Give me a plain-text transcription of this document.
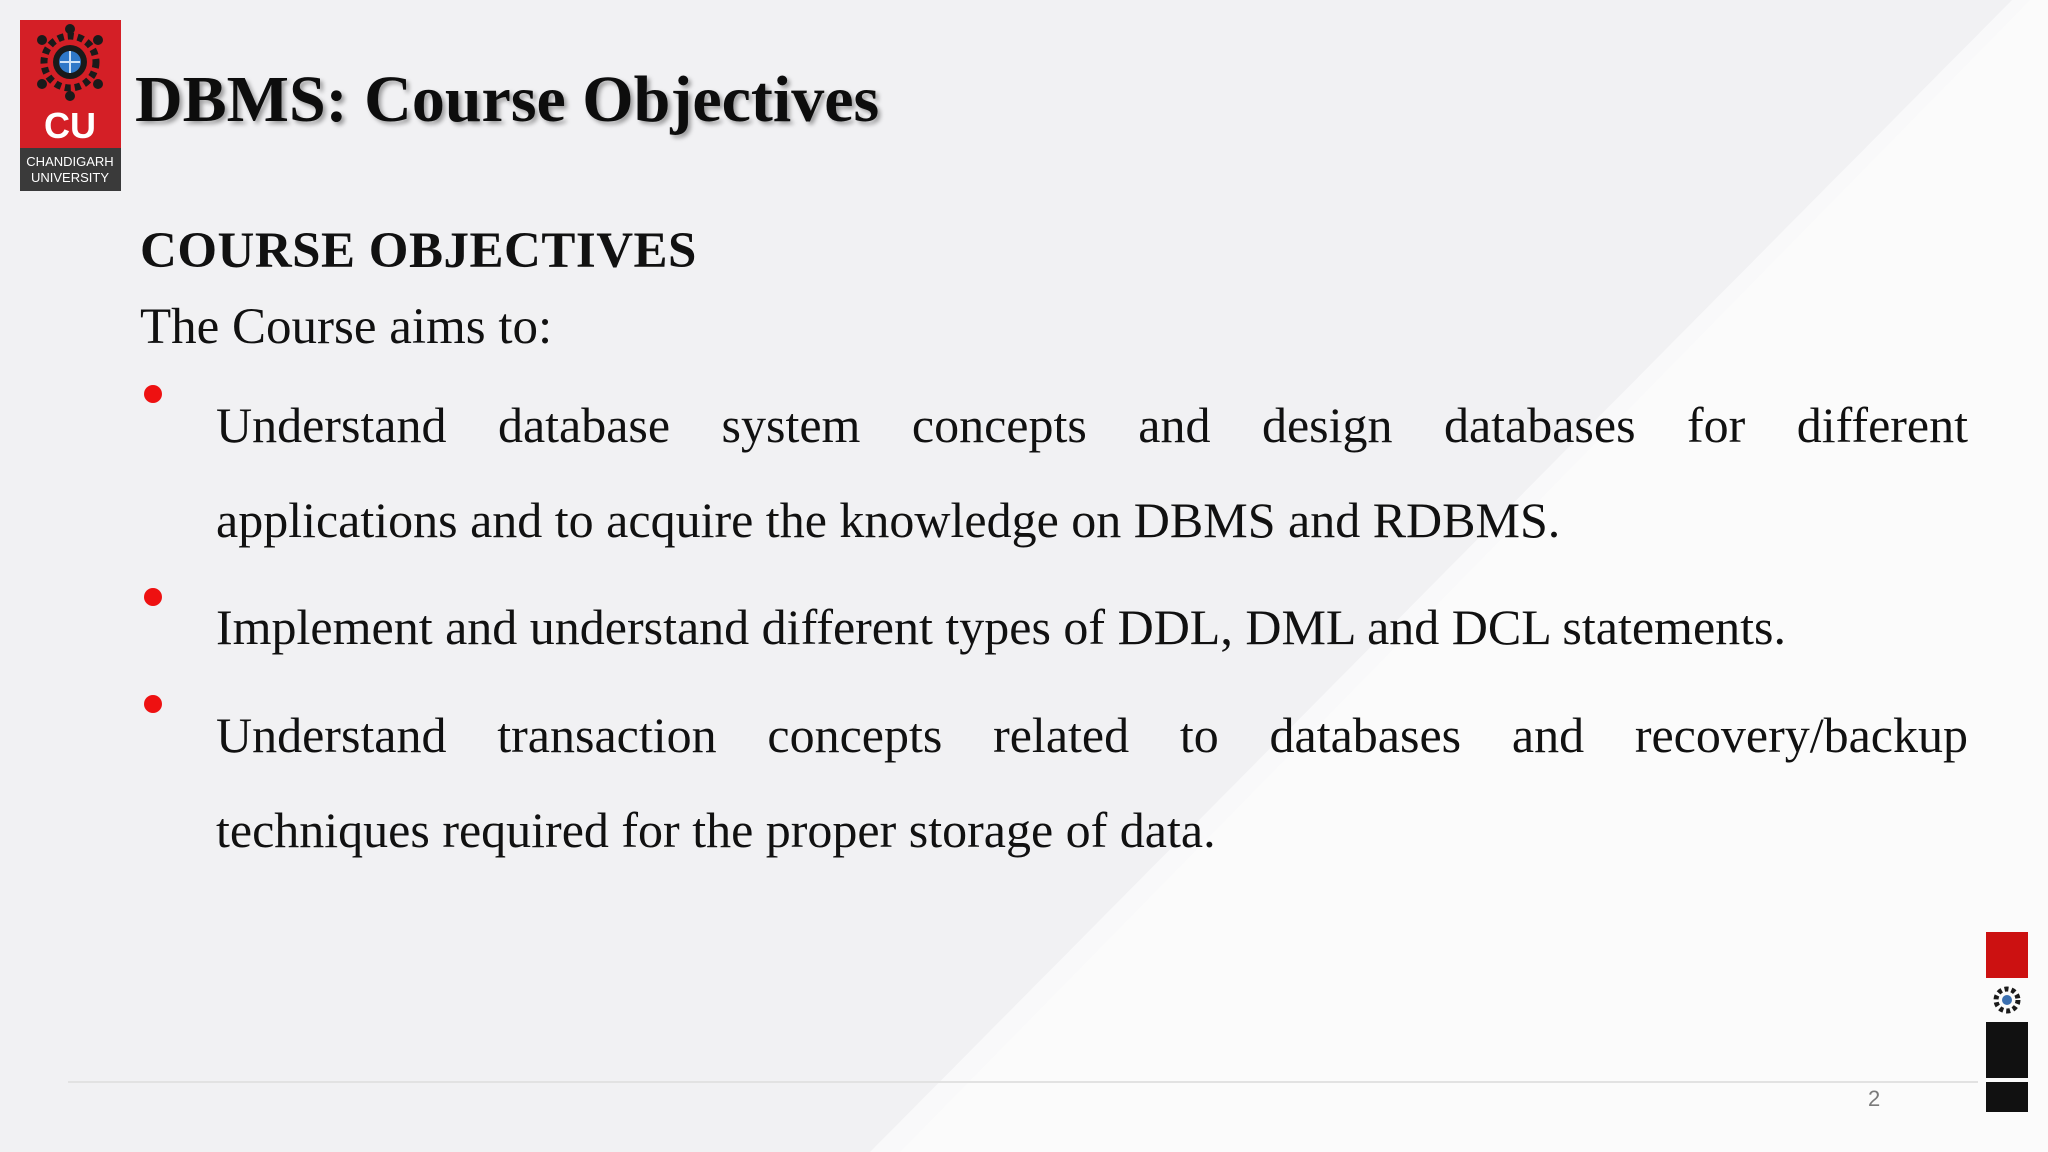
CU
CHANDIGARH
UNIVERSITY
DBMS: Course Objectives
COURSE OBJECTIVES

The Course aims to:

Understand database system concepts and design databases for different
applications and to acquire the knowledge on DBMS and RDBMS.

Implement and understand different types of DDL, DML and DCL statements.

Understand transaction concepts related to databases and recovery/backup
techniques required for the proper storage of data.

2
